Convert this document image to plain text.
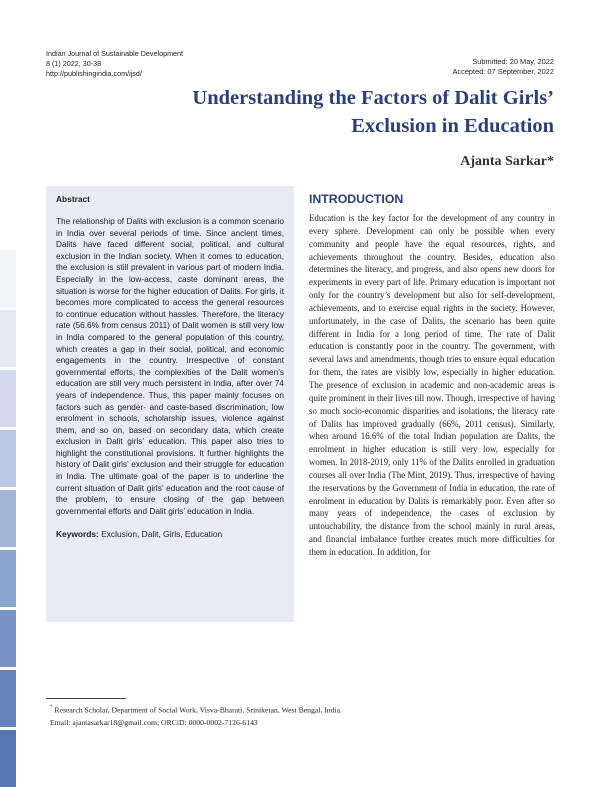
Indian Journal of Sustainable Development
8 (1) 2022, 30-38
http://publishingindia.com/ijsd/
Submitted: 20 May, 2022
Accepted: 07 September, 2022
Understanding the Factors of Dalit Girls’
Exclusion in Education
Ajanta Sarkar*
Abstract
The relationship of Dalits with exclusion is a common scenario in India over several periods of time. Since ancient times, Dalits have faced different social, political, and cultural exclusion in the Indian society. When it comes to education, the exclusion is still prevalent in various part of modern India. Especially in the low-access, caste dominant areas, the situation is worse for the higher education of Dalits. For girls, it becomes more complicated to access the general resources to continue education without hassles. Therefore, the literacy rate (56.6% from census 2011) of Dalit women is still very low in India compared to the general population of this country, which creates a gap in their social, political, and economic engagements in the country. Irrespective of constant governmental efforts, the complexities of the Dalit women’s education are still very much persistent in India, after over 74 years of independence. Thus, this paper mainly focuses on factors such as gender- and caste-based discrimination, low enrolment in schools, scholarship issues, violence against them, and so on, based on secondary data, which create exclusion in Dalit girls’ education. This paper also tries to highlight the constitutional provisions. It further highlights the history of Dalit girls’ exclusion and their struggle for education in India. The ultimate goal of the paper is to underline the current situation of Dalit girls’ education and the root cause of the problem, to ensure closing of the gap between governmental efforts and Dalit girls’ education in India.
Keywords: Exclusion, Dalit, Girls, Education
INTRODUCTION
Education is the key factor for the development of any country in every sphere. Development can only be possible when every community and people have the equal resources, rights, and achievements throughout the country. Besides, education also determines the literacy, and progress, and also opens new doors for experiments in every part of life. Primary education is important not only for the country’s development but also for self-development, achievements, and to exercise equal rights in the society. However, unfortunately, in the case of Dalits, the scenario has been quite different in India for a long period of time. The rate of Dalit education is constantly poor in the country. The government, with several laws and amendments, though tries to ensure equal education for them, the rates are visibly low, especially in higher education. The presence of exclusion in academic and non-academic areas is quite prominent in their lives till now. Though, irrespective of having so much socio-economic disparities and isolations, the literacy rate of Dalits has improved gradually (66%, 2011 census). Similarly, when around 16.6% of the total Indian population are Dalits, the enrolment in higher education is still very low, especially for women. In 2018-2019, only 11% of the Dalits enrolled in graduation courses all over India (The Mint, 2019). Thus, irrespective of having the reservations by the Government of India in education, the rate of enrolment in education by Dalits is remarkably poor. Even after so many years of independence, the cases of exclusion by untouchability, the distance from the school mainly in rural areas, and financial imbalance further creates much more difficulties for them in education. In addition, for
* Research Scholar, Department of Social Work, Visva-Bharati, Sriniketan, West Bengal, India.
Email: ajantasarkar18@gmail.com; ORCiD: 0000-0002-7126-6143
